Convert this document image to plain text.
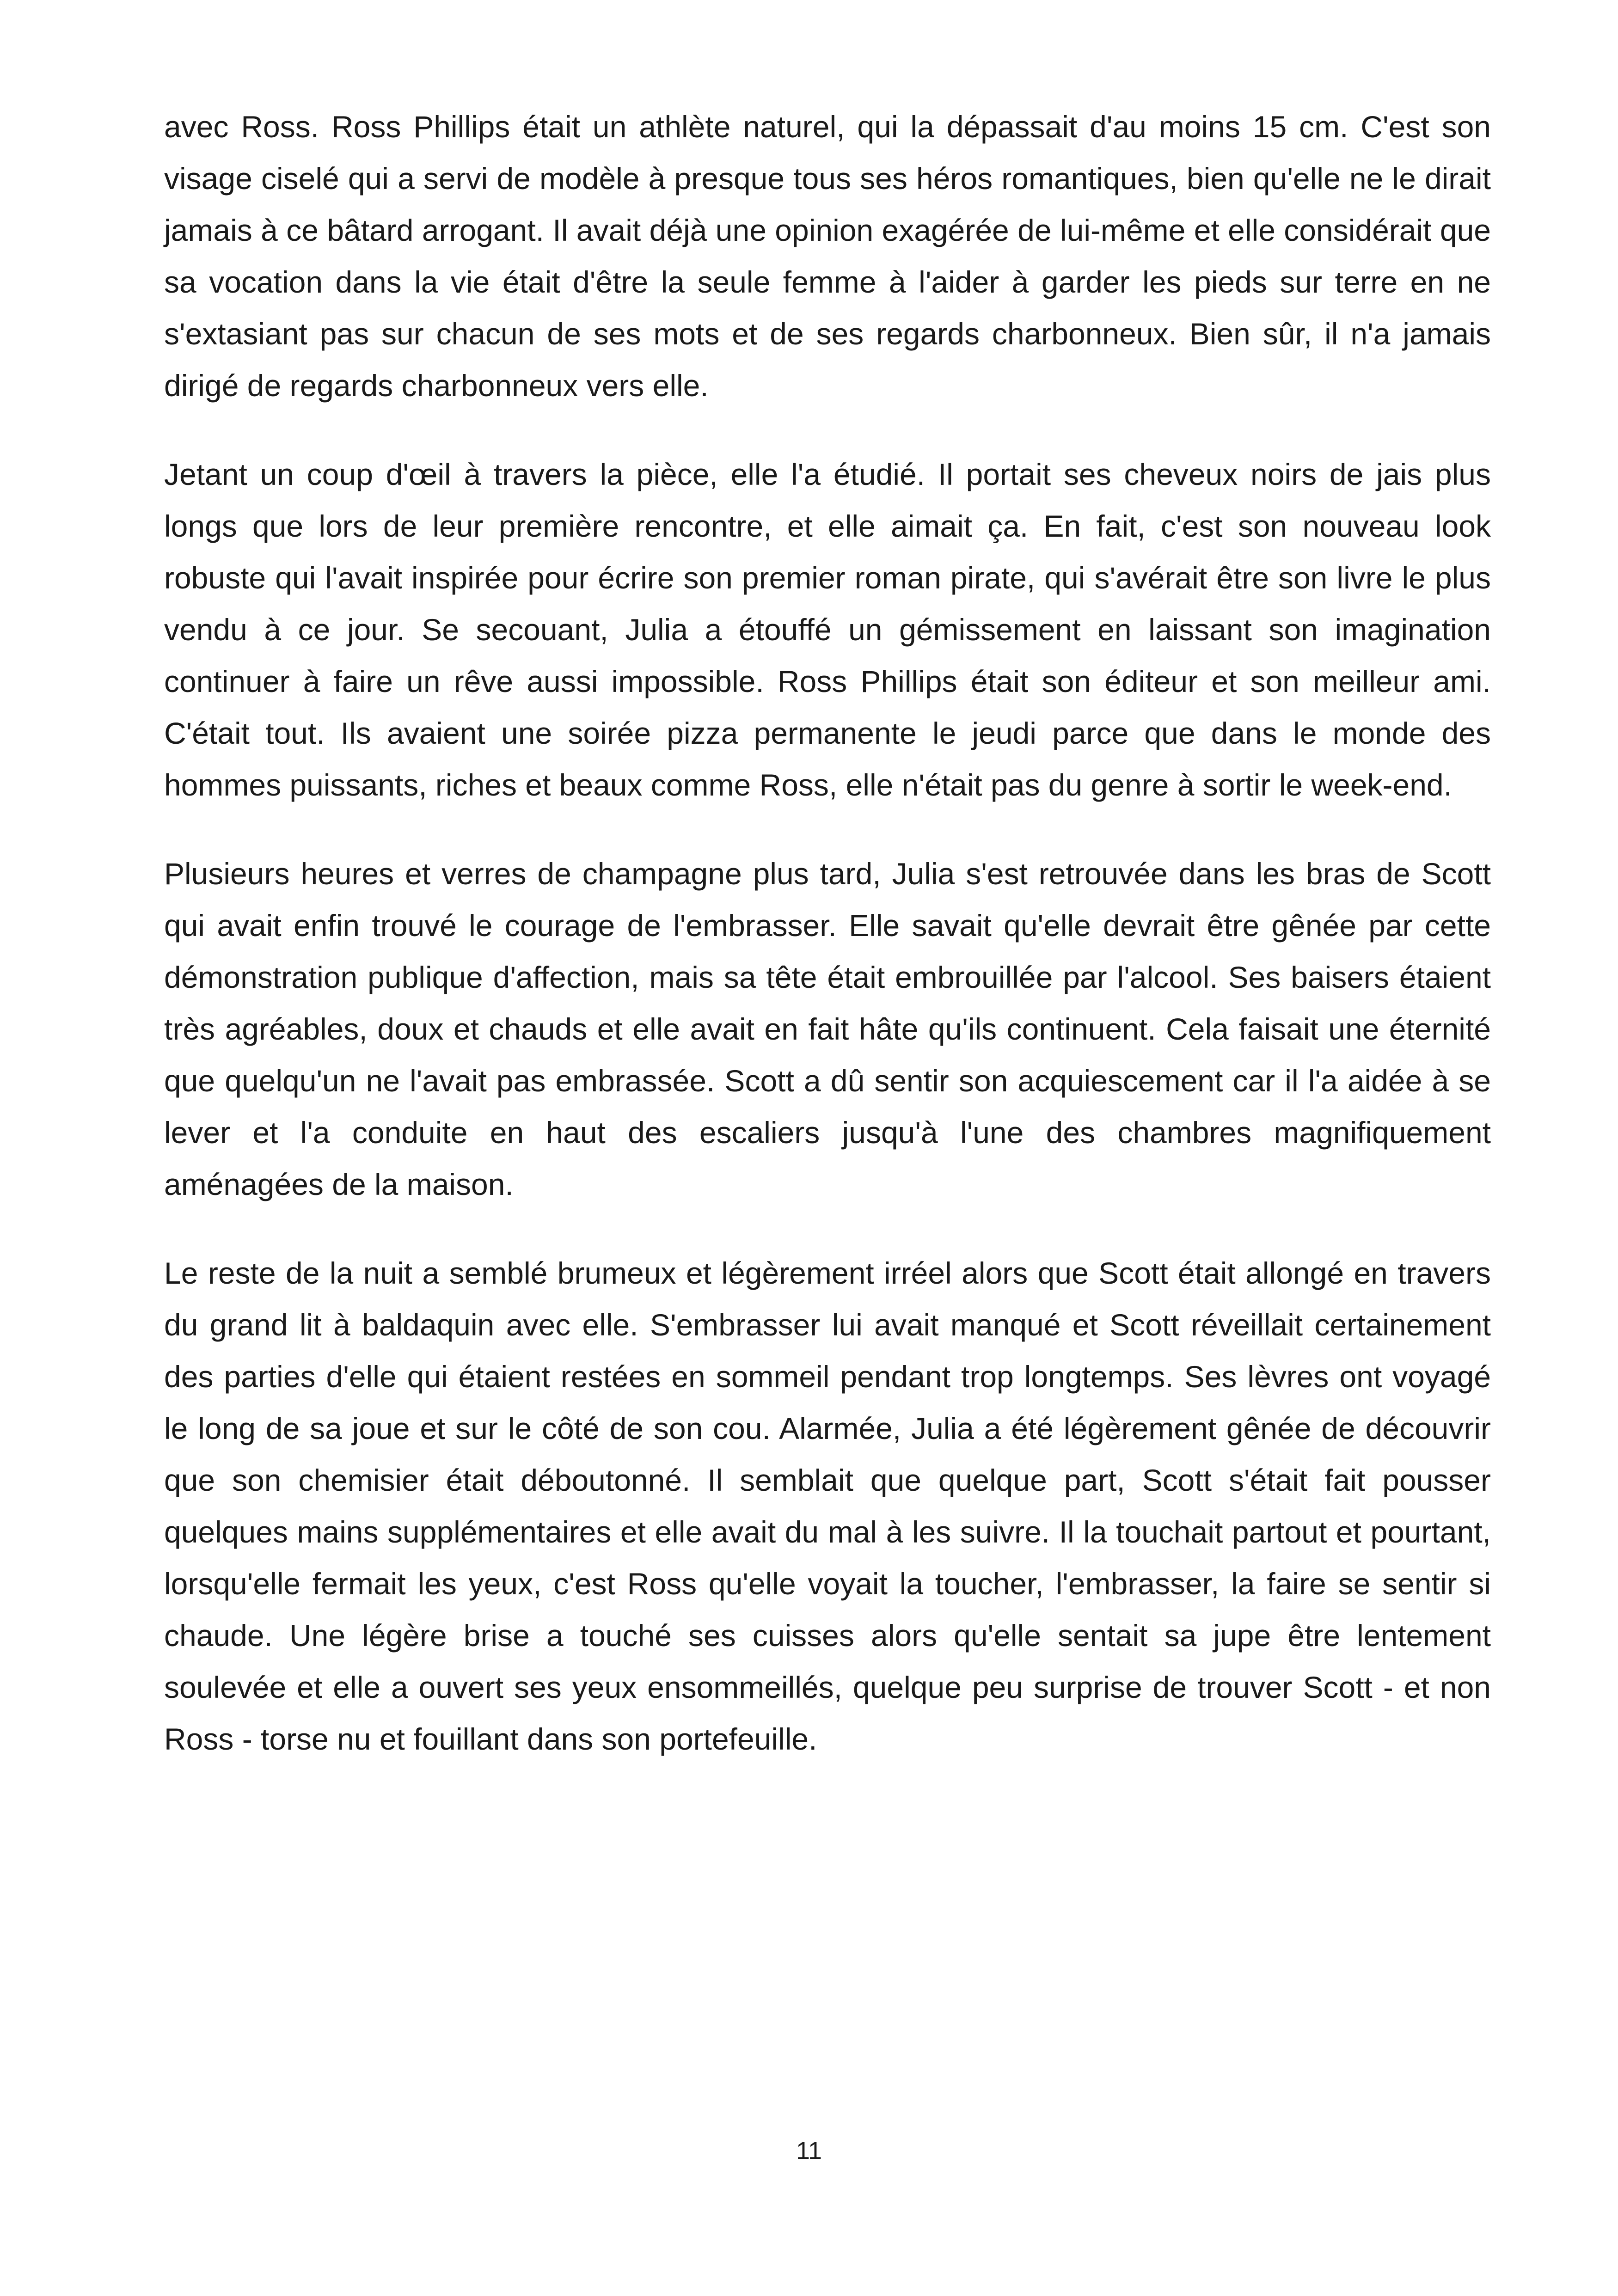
avec Ross. Ross Phillips était un athlète naturel, qui la dépassait d'au moins 15 cm. C'est son visage ciselé qui a servi de modèle à presque tous ses héros romantiques, bien qu'elle ne le dirait jamais à ce bâtard arrogant. Il avait déjà une opinion exagérée de lui-même et elle considérait que sa vocation dans la vie était d'être la seule femme à l'aider à garder les pieds sur terre en ne s'extasiant pas sur chacun de ses mots et de ses regards charbonneux. Bien sûr, il n'a jamais dirigé de regards charbonneux vers elle.

Jetant un coup d'œil à travers la pièce, elle l'a étudié. Il portait ses cheveux noirs de jais plus longs que lors de leur première rencontre, et elle aimait ça. En fait, c'est son nouveau look robuste qui l'avait inspirée pour écrire son premier roman pirate, qui s'avérait être son livre le plus vendu à ce jour. Se secouant, Julia a étouffé un gémissement en laissant son imagination continuer à faire un rêve aussi impossible. Ross Phillips était son éditeur et son meilleur ami. C'était tout. Ils avaient une soirée pizza permanente le jeudi parce que dans le monde des hommes puissants, riches et beaux comme Ross, elle n'était pas du genre à sortir le week-end.

Plusieurs heures et verres de champagne plus tard, Julia s'est retrouvée dans les bras de Scott qui avait enfin trouvé le courage de l'embrasser. Elle savait qu'elle devrait être gênée par cette démonstration publique d'affection, mais sa tête était embrouillée par l'alcool. Ses baisers étaient très agréables, doux et chauds et elle avait en fait hâte qu'ils continuent. Cela faisait une éternité que quelqu'un ne l'avait pas embrassée. Scott a dû sentir son acquiescement car il l'a aidée à se lever et l'a conduite en haut des escaliers jusqu'à l'une des chambres magnifiquement aménagées de la maison.

Le reste de la nuit a semblé brumeux et légèrement irréel alors que Scott était allongé en travers du grand lit à baldaquin avec elle. S'embrasser lui avait manqué et Scott réveillait certainement des parties d'elle qui étaient restées en sommeil pendant trop longtemps. Ses lèvres ont voyagé le long de sa joue et sur le côté de son cou. Alarmée, Julia a été légèrement gênée de découvrir que son chemisier était déboutonné. Il semblait que quelque part, Scott s'était fait pousser quelques mains supplémentaires et elle avait du mal à les suivre. Il la touchait partout et pourtant, lorsqu'elle fermait les yeux, c'est Ross qu'elle voyait la toucher, l'embrasser, la faire se sentir si chaude. Une légère brise a touché ses cuisses alors qu'elle sentait sa jupe être lentement soulevée et elle a ouvert ses yeux ensommeillés, quelque peu surprise de trouver Scott - et non Ross - torse nu et fouillant dans son portefeuille.

11
